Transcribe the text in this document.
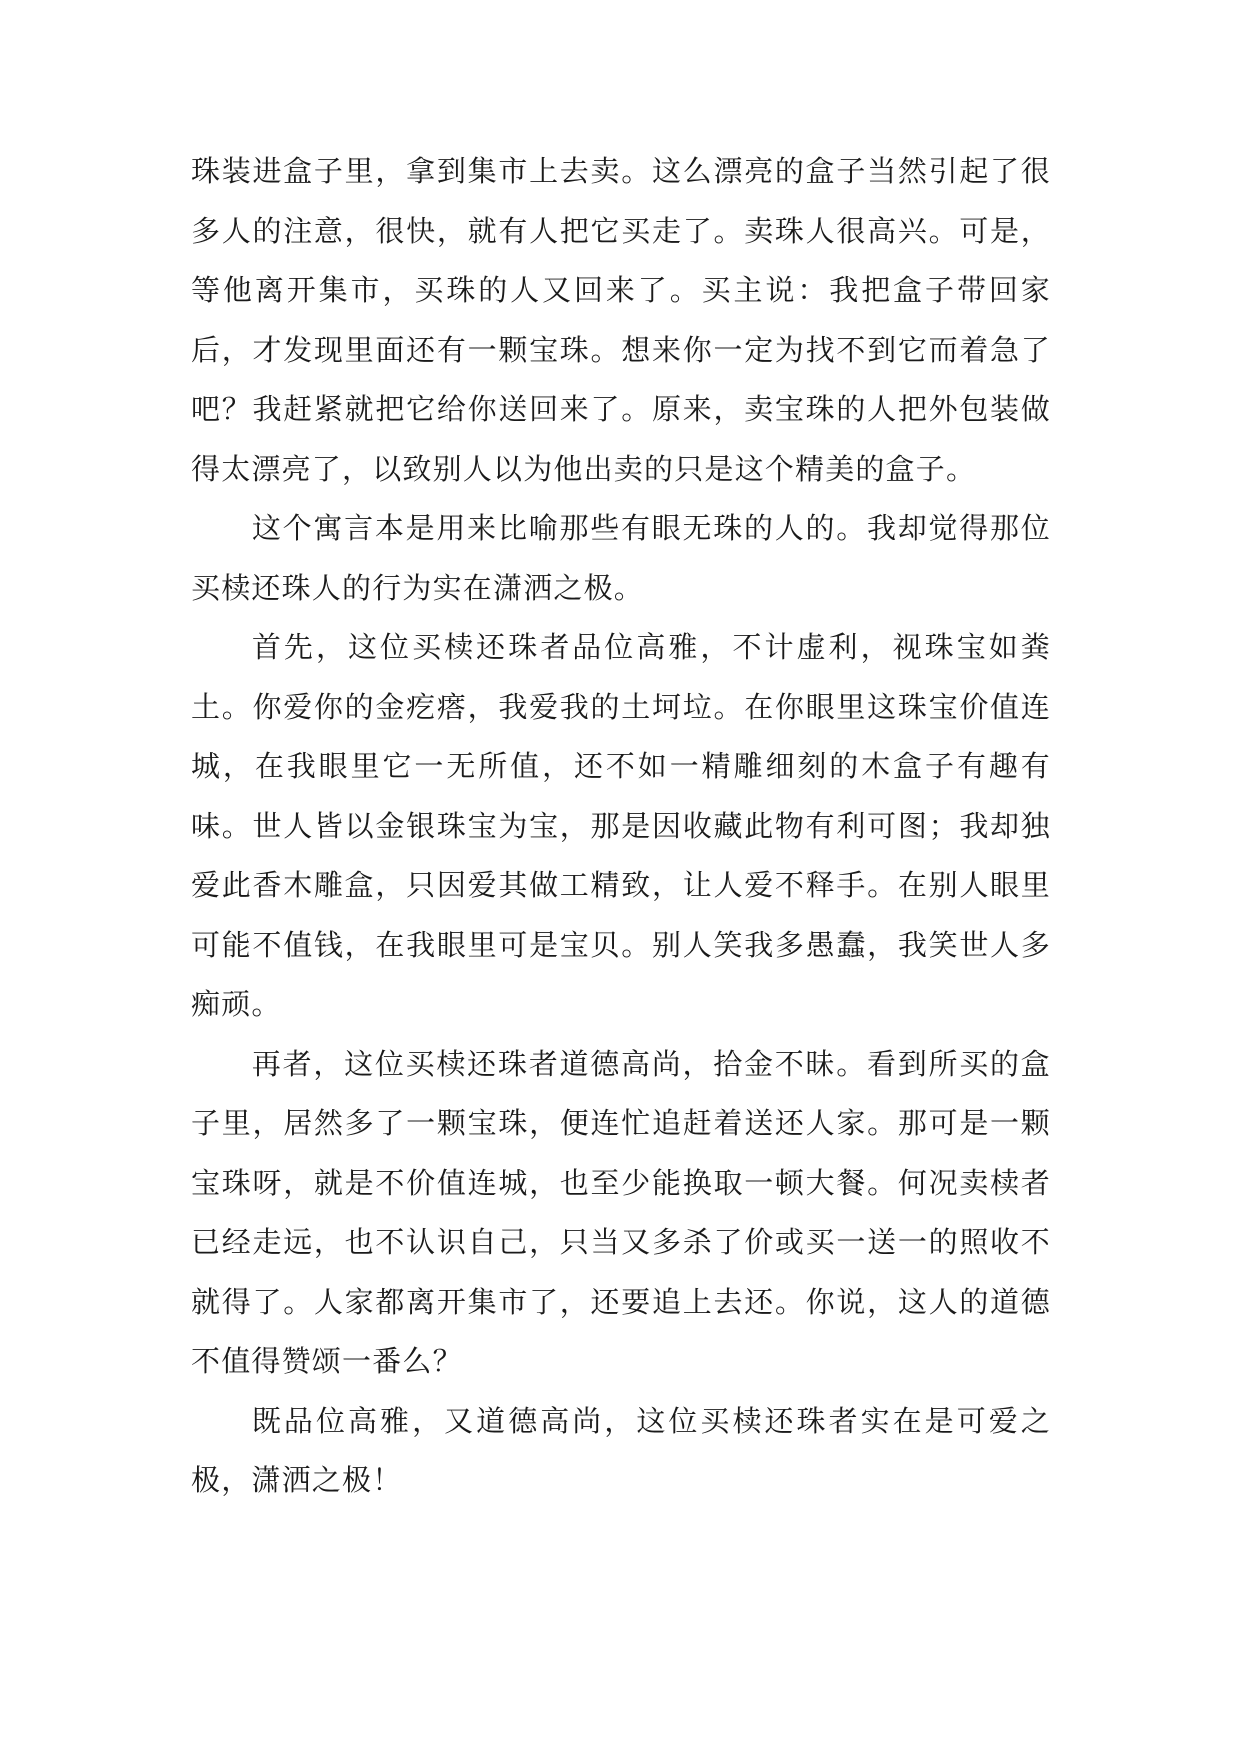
珠装进盒子里，拿到集市上去卖。这么漂亮的盒子当然引起了很多人的注意，很快，就有人把它买走了。卖珠人很高兴。可是，等他离开集市，买珠的人又回来了。买主说：我把盒子带回家后，才发现里面还有一颗宝珠。想来你一定为找不到它而着急了吧？我赶紧就把它给你送回来了。原来，卖宝珠的人把外包装做得太漂亮了，以致别人以为他出卖的只是这个精美的盒子。

这个寓言本是用来比喻那些有眼无珠的人的。我却觉得那位买椟还珠人的行为实在潇洒之极。

首先，这位买椟还珠者品位高雅，不计虚利，视珠宝如粪土。你爱你的金疙瘩，我爱我的土坷垃。在你眼里这珠宝价值连城，在我眼里它一无所值，还不如一精雕细刻的木盒子有趣有味。世人皆以金银珠宝为宝，那是因收藏此物有利可图；我却独爱此香木雕盒，只因爱其做工精致，让人爱不释手。在别人眼里可能不值钱，在我眼里可是宝贝。别人笑我多愚蠢，我笑世人多痴顽。

再者，这位买椟还珠者道德高尚，拾金不昧。看到所买的盒子里，居然多了一颗宝珠，便连忙追赶着送还人家。那可是一颗宝珠呀，就是不价值连城，也至少能换取一顿大餐。何况卖椟者已经走远，也不认识自己，只当又多杀了价或买一送一的照收不就得了。人家都离开集市了，还要追上去还。你说，这人的道德不值得赞颂一番么？

既品位高雅，又道德高尚，这位买椟还珠者实在是可爱之极，潇洒之极！
